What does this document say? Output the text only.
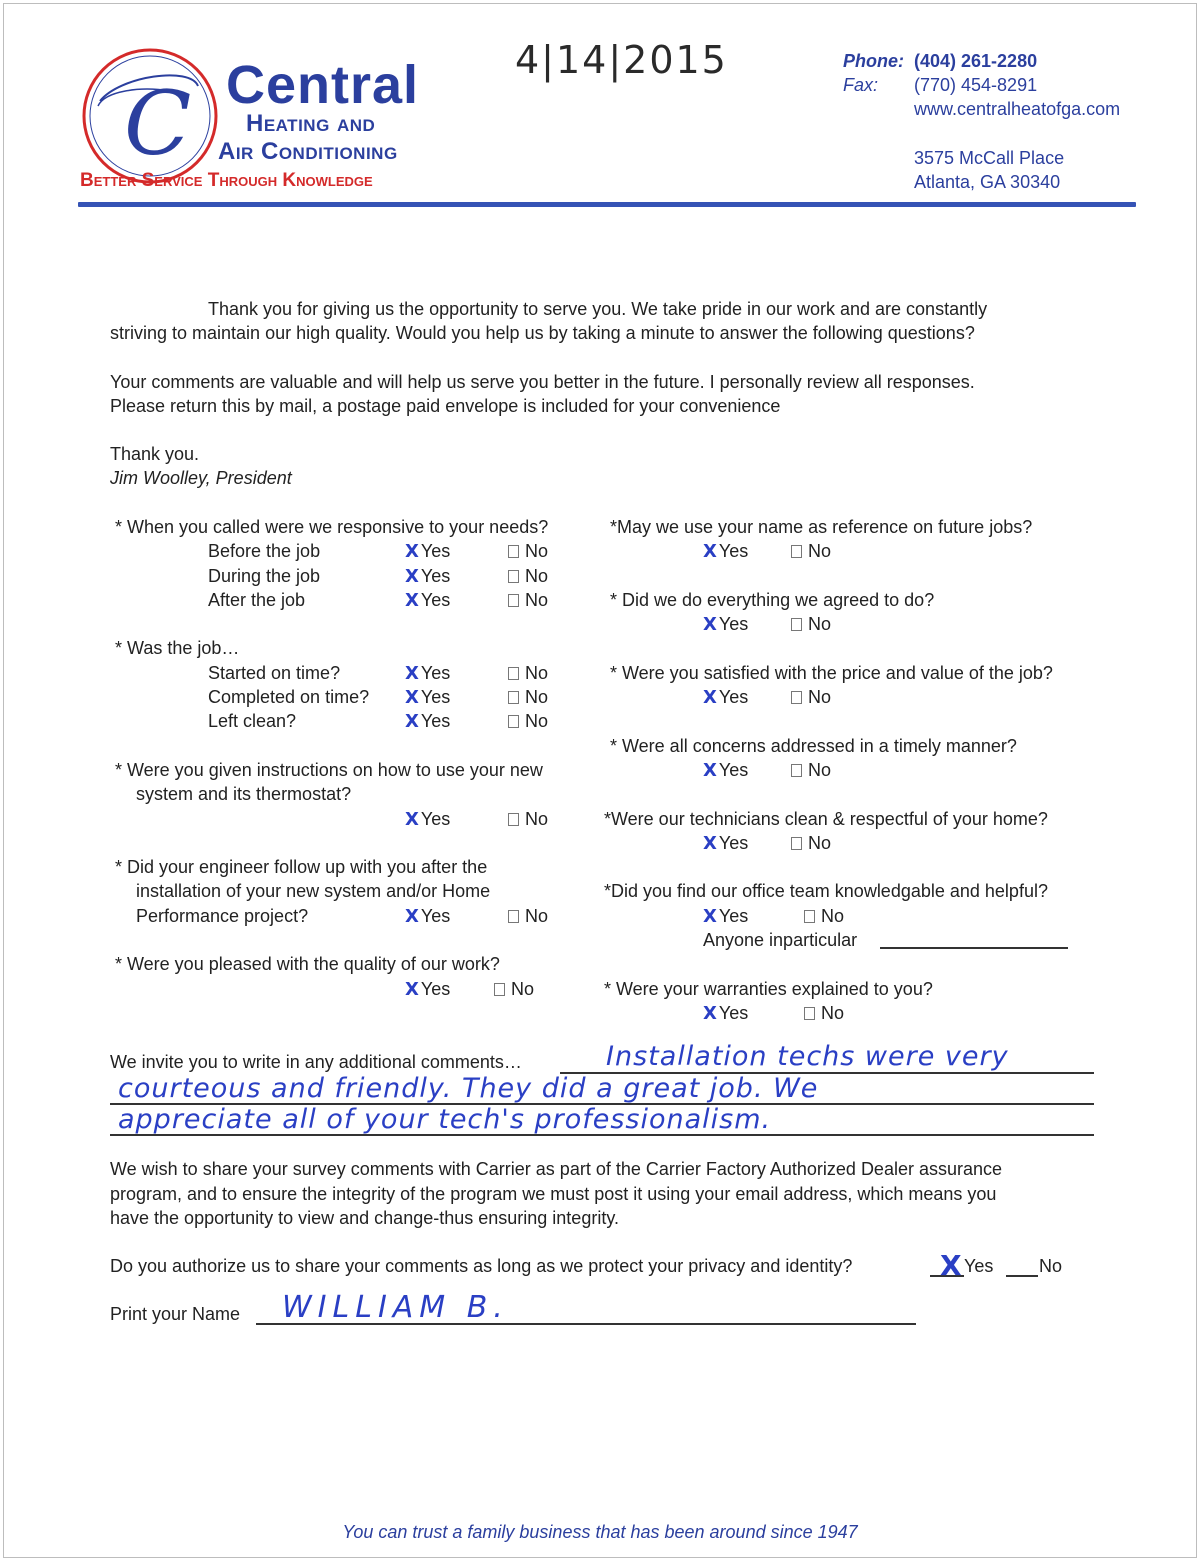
C Central
Heating and
Air Conditioning
Better Service Through Knowledge
4|14|2015	Phone: (404) 261-2280
Fax: (770) 454-8291
www.centralheatofga.com
3575 McCall Place
Atlanta, GA 30340
Thank you for giving us the opportunity to serve you. We take pride in our work and are constantly
striving to maintain our high quality. Would you help us by taking a minute to answer the following questions?
Your comments are valuable and will help us serve you better in the future. I personally review all responses.
Please return this by mail, a postage paid envelope is included for your convenience
Thank you.
Jim Woolley, President
* When you called were we responsive to your needs?
Before the job	X Yes	No
During the job	X Yes	No
After the job	X Yes	No
* Was the job…
Started on time?	X Yes	No
Completed on time? X Yes	No
Left clean?	X Yes	No
* Were you given instructions on how to use your new
system and its thermostat?
X Yes	No
* Did your engineer follow up with you after the
installation of your new system and/or Home
Performance project?	X Yes	No
* Were you pleased with the quality of our work?
X Yes	No
*May we use your name as reference on future jobs?
X Yes	No
* Did we do everything we agreed to do?
X Yes	No
* Were you satisfied with the price and value of the job?
X Yes	No
* Were all concerns addressed in a timely manner?
X Yes	No
*Were our technicians clean & respectful of your home?
X Yes	No
*Did you find our office team knowledgable and helpful?
X Yes	No
Anyone inparticular
* Were your warranties explained to you?
X Yes	No
We invite you to write in any additional comments…	Installation techs were very
courteous and friendly. They did a great job. We
appreciate all of your tech's professionalism.
We wish to share your survey comments with Carrier as part of the Carrier Factory Authorized Dealer assurance
program, and to ensure the integrity of the program we must post it using your email address, which means you
have the opportunity to view and change-thus ensuring integrity.
Do you authorize us to share your comments as long as we protect your privacy and identity?	X Yes	No
Print your Name WILLIAM B.
You can trust a family business that has been around since 1947
